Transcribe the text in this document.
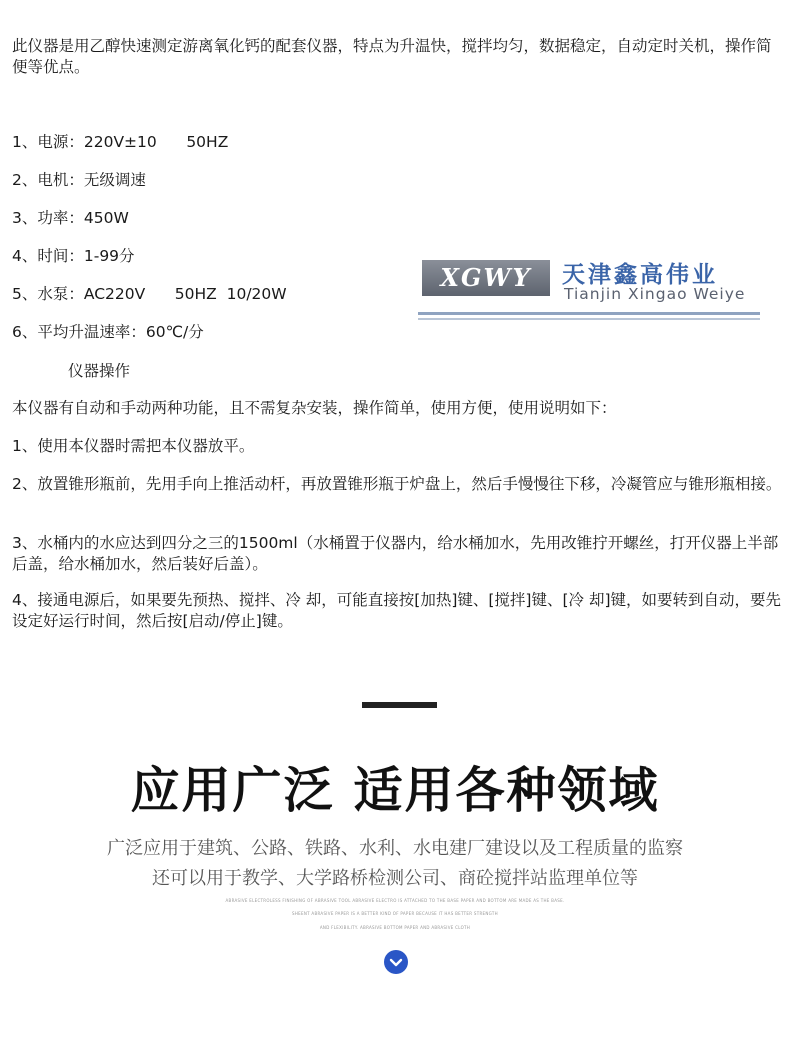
此仪器是用乙醇快速测定游离氧化钙的配套仪器，特点为升温快，搅拌均匀，数据稳定，自动定时关机，操作简便等优点。
1、电源：220V±10      50HZ
2、电机：无级调速
3、功率：450W
4、时间：1-99分
5、水泵：AC220V      50HZ  10/20W
6、平均升温速率：60℃/分
XGWY	天津鑫高伟业
Tianjin Xingao Weiye
仪器操作
本仪器有自动和手动两种功能，且不需复杂安装，操作简单，使用方便，使用说明如下：
1、使用本仪器时需把本仪器放平。
2、放置锥形瓶前，先用手向上推活动杆，再放置锥形瓶于炉盘上，然后手慢慢往下移，冷凝管应与锥形瓶相接。
3、水桶内的水应达到四分之三的1500ml（水桶置于仪器内，给水桶加水，先用改锥拧开螺丝，打开仪器上半部后盖，给水桶加水，然后装好后盖）。
4、接通电源后，如果要先预热、搅拌、冷 却，可能直接按[加热]键、[搅拌]键、[冷 却]键，如要转到自动，要先设定好运行时间，然后按[启动/停止]键。
应用广泛 适用各种领域
广泛应用于建筑、公路、铁路、水利、水电建厂建设以及工程质量的监察
还可以用于教学、大学路桥检测公司、商砼搅拌站监理单位等
ABRASIVE ELECTROLESS FINISHING OF ABRASIVE TOOL ABRASIVE ELECTRO IS ATTACHED TO THE BASE PAPER AND BOTTOM ARE MADE AS THE BASE.
SHEENT ABRASIVE PAPER IS A BETTER KIND OF PAPER BECAUSE IT HAS BETTER STRENGTH
AND FLEXIBILITY. ABRASIVE BOTTOM PAPER AND ABRASIVE CLOTH
